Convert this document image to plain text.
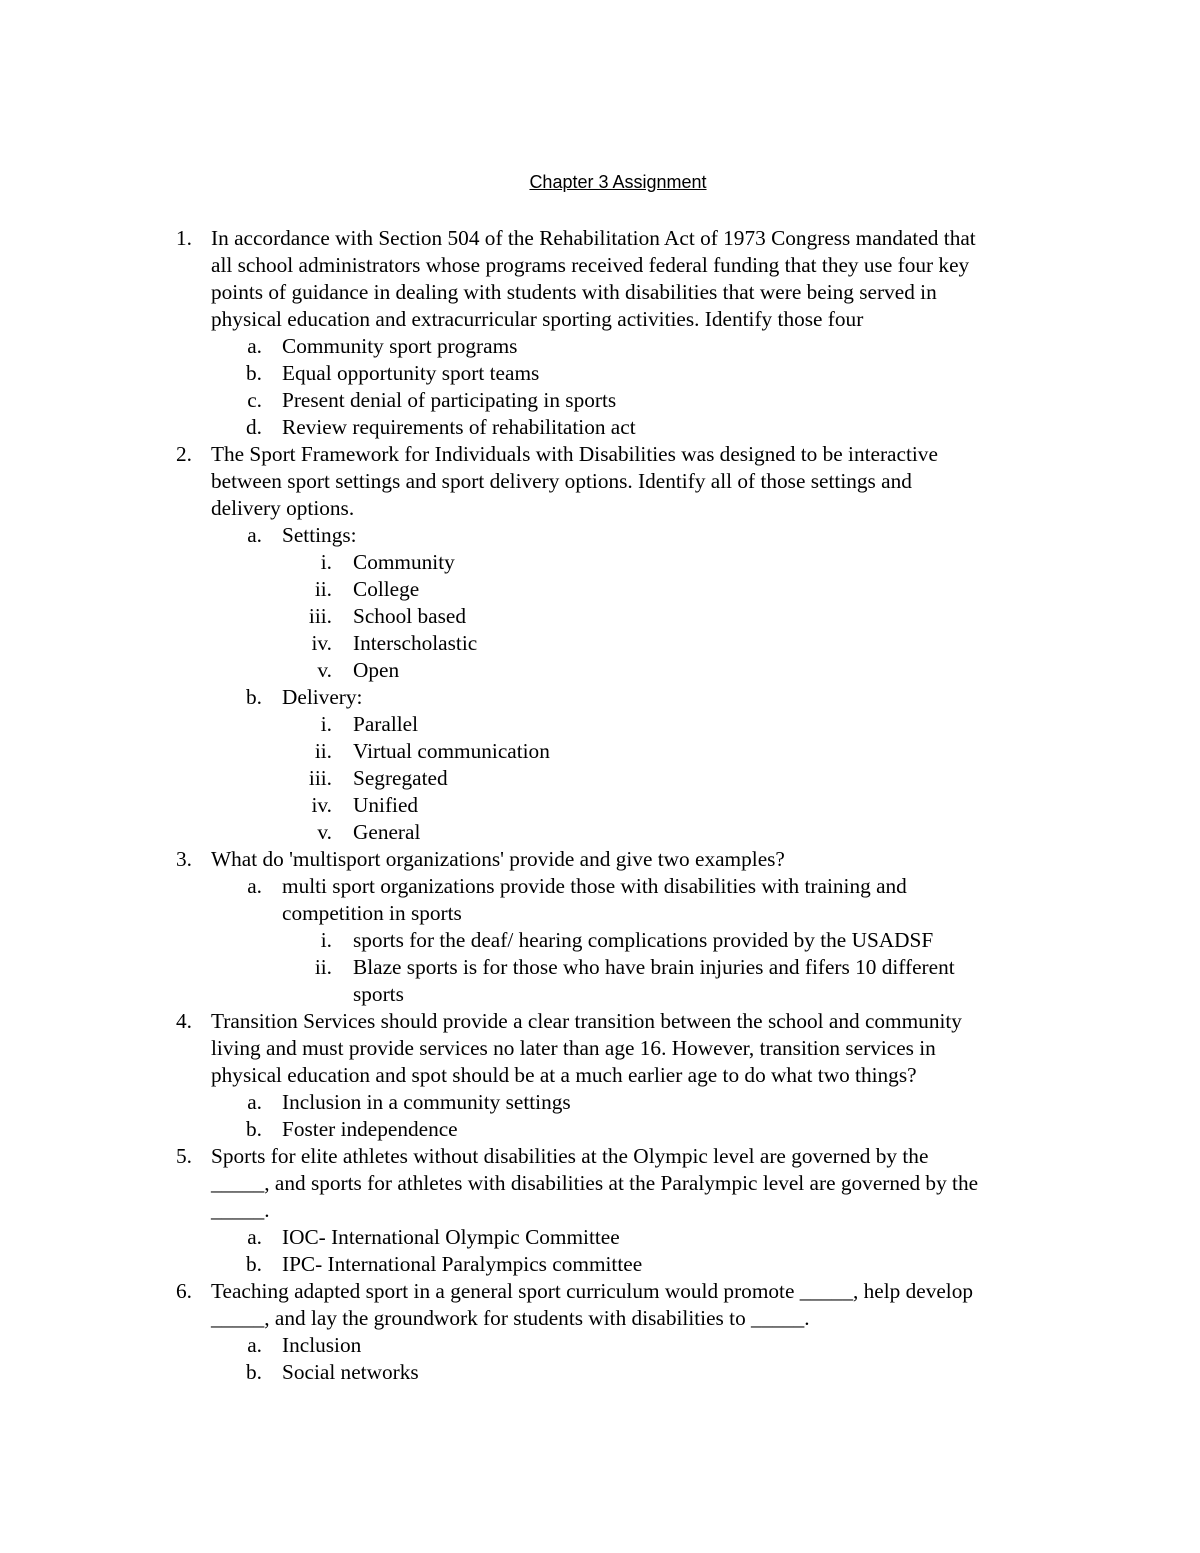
Chapter 3 Assignment
1. In accordance with Section 504 of the Rehabilitation Act of 1973 Congress mandated that
all school administrators whose programs received federal funding that they use four key
points of guidance in dealing with students with disabilities that were being served in
physical education and extracurricular sporting activities. Identify those four
a. Community sport programs
b. Equal opportunity sport teams
c. Present denial of participating in sports
d. Review requirements of rehabilitation act
2. The Sport Framework for Individuals with Disabilities was designed to be interactive
between sport settings and sport delivery options. Identify all of those settings and
delivery options.
a. Settings:
i. Community
ii. College
iii. School based
iv. Interscholastic
v. Open
b. Delivery:
i. Parallel
ii. Virtual communication
iii. Segregated
iv. Unified
v. General
3. What do 'multisport organizations' provide and give two examples?
a. multi sport organizations provide those with disabilities with training and
competition in sports
i. sports for the deaf/ hearing complications provided by the USADSF
ii. Blaze sports is for those who have brain injuries and fifers 10 different
sports
4. Transition Services should provide a clear transition between the school and community
living and must provide services no later than age 16. However, transition services in
physical education and spot should be at a much earlier age to do what two things?
a. Inclusion in a community settings
b. Foster independence
5. Sports for elite athletes without disabilities at the Olympic level are governed by the
_____, and sports for athletes with disabilities at the Paralympic level are governed by the
_____.
a. IOC- International Olympic Committee
b. IPC- International Paralympics committee
6. Teaching adapted sport in a general sport curriculum would promote _____, help develop
_____, and lay the groundwork for students with disabilities to _____.
a. Inclusion
b. Social networks
